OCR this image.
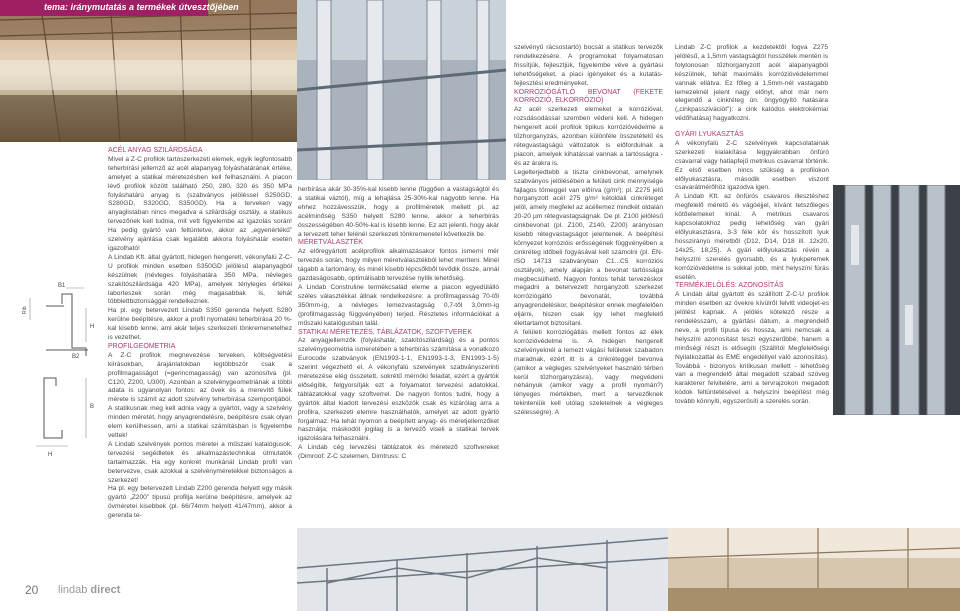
tema: iránymutatás a termékek útvesztőjében
B1
Rib
H
B2
B
H

ACÉL ANYAG SZILÁRDSÁGA

Mivel a Z-C profilok tartószerkezeti elemek, egyik legfontosabb teherbírási jellemző az acél alapanyag folyáshatárának értéke, amelyet a statikai méretezésben kell felhasználni. A piacon lévő profilok között található 250, 280, 320 és 350 MPa folyáshatárú anyag is (szabványos jelöléssel S250GD, S280GD, S320GD, S350GD). Ha a terveken vagy anyaglistában nincs megadva a szilárdsági osztály, a statikus tervezőnek kell tudnia, mit vett figyelembe az igazolás során! Ha pedig gyártó van feltüntetve, akkor az „egyenértékű” szelvény ajánlása csak legalább akkora folyáshatár esetén igazolható!

A Lindab Kft. által gyártott, hidegen hengerelt, vékonyfalú Z-C-U profilok minden esetben S350GD jelölésű alapanyagból készülnek (névleges folyáshatára 350 MPa, névleges szakítószilárdsága 420 MPa), amelyek tényleges értékei laborteszek során még magasabbak is, tehát többlettbiztonsággal rendelkeznek.

Ha pl. egy betervezett Lindab S350 gerenda helyett S280 kerülne beépítésre, akkor a profil nyomatéki teherbírása 20 %-kal kisebb lenne, ami akár teljes szerkezeti tönkremenetelhez is vezethet.

PROFILGEOMETRIA

A Z-C profilok megnevezése terveken, költségvetési kiírásokban, árajánlatokban legtöbbször csak a profilmagasságot (=gerincmagasság) van azonosítva (pl. C120, Z200, U300). Azonban a szelvénygeometriának a többi adata is ugyanolyan fontos: az övek és a merevítő fülek mérete is számít az adott szelvény teherbírása szempontjából. A statikusnak meg kell adnia vagy a gyártót, vagy a szelvény minden méretét, hogy anyagrendelésre, beépítésre csak olyan elem kerülhessen, ami a statikai számításban is figyelembe vettek!

A Lindab szelvények pontos méretei a műszaki katalógusok, tervezési segédletek és alkalmazástechnikai útmutatók tartalmazzák. Ha egy konkrét munkánál Lindab profil van betervezve, csak azokkal a szelvényméretekkel biztonságos a szerkezet!

Ha pl. egy betervezett Lindab Z200 gerenda helyett egy másik gyártó „Z200” típusú profilja kerülne beépítésre, amelyek az övméretei kisebbek (pl. 66/74mm helyett 41/47mm), akkor a gerenda te-

herbírása akár 30-35%-kal kisebb lenne (függően a vastagságtól és a statikai váztól), míg a lehajlása 25-30%-kal nagyobb lenne. Ha ehhez hozzávesszük, hogy a profilméretek mellett pl. az acélminőség S350 helyett S280 lenne, akkor a teherbírás összességében 40-50%-kal is kisebb lenne. Ez azt jelenti, hogy akár a tervezett teher felénél szerkezeti tönkremenetel következik be.

MÉRETVÁLASZTÉK

Az előregyártott acélprofilok alkalmazásakor fontos ismerni mér tervezés során, hogy milyen méretválasztékból lehet meríteni. Minél tágabb a tartomány, és minél kisebb lépcsőkből tevődik össze, annál gazdaságosabb, optimálisabb tervezése nyílik lehetőség.

A Lindab Construline termékcsalád eleme a piacon egyedülálló széles választékkal állnak rendelkezésre: a profilmagasság 70-től 350mm-ig, a névleges lemezvastagság 0,7-től 3,0mm-ig (profilmagasság függvényében) terjed. Részletes információkat a műszaki katalógusban talál.

STATIKAI MÉRETEZÉS, TÁBLÁZATOK, SZOFTVEREK

Az anyagjellemzők (folyáshatár, szakítószilárdság) és a pontos szelvénygeometria ismeretében a teherbírás számítása a vonatkozó Eurocode szabványok (EN1993-1-1, EN1993-1-3, EN1993-1-5) szerint végezhető el. A vékonyfalú szelvények szabványszerinti méretezése elég összetett, sokrétű mérnöki feladat, ezért a gyártók előségítik, felgyorsítják ezt a folyamatot tervezési adatokkal, táblázatokkal vagy szoftverrel. De nagyon fontos tudni, hogy a gyártók által kiadott tervezési eszközök csak és kizárólag arra a profilra, szerkezeti elemre használhatók, amelyet az adott gyártó forgalmaz. Ha tehát nyomon a beépített anyag- és méretjellemzőket használja; máskodót jogilag is a tervező viseli a statikai tervek igazolására felhasználni.

A Lindab cég tervezési táblázatok és méretező szoftvereket (Dimroof: Z-C szelemen, Dimtruss: C

szelvényű rácsostartó) bocsát a statikus tervezők rendelkezésére. A programokat folyamatosan frissítjük, fejlesztjük, figyelembe véve a gyártási lehetőségeket, a piaci igényeket és a kutatás-fejlesztési eredményeket.

KORRÓZIÓGÁTLÓ BEVONAT (FEKETE KORRÓZIÓ, ELKORRÓZIÓ)

Az acél szerkezeti elemeket a korrózióval, rozsdásodással szemben védeni kell. A hidegen hengerelt acél profilok tipikus korrózióvédelme a tűzhorganyzás, azonban különféle összetételű és rétegvastagságú változatok is előfordulnak a piacon, amelyek kihatással vannak a tartósságra - és az árakra is.

Legelterjedtebb a tiszta cinkbevonat, amelynek szabványos jelölésében a felületi cink mennyisége fajlagos tömeggel van előírva (g/m²); pl. Z275 jelű horganyzott acél 275 g/m² kétoldali cinkréteget jelöl, amely megfelel az acéllemez mindkét oldalán 20-20 µm rétegvastagságnak. De pl. Z100 jelölésű cinkbevonat (pl. Z100, Z140, Z200) arányosan kisebb rétegvastagságot jelentenek. A beépítési környezet korrózióis erősségének függvényében a cinkréteg időbeli fogyásával kell számolni (pl. EN-ISO 14713 szabványban C1...C5 korróziós osztályok), amely alapján a bevonat tartóssága megbecsülhető. Nagyon fontos tehát tervezéskor megadni a betervezett horganyzott szerkezet korróziógátló bevonatát, továbbá anyagrendeléskor, beépítéskor ennek megfelelően eljárni, hiszen csak így lehet megfelelő élettartamot biztosítani.

A felületi korróziógátlás mellett fontos az élek korrózióvédelme is. A hidegen hengerelt szelvényeknél a lemezt vágási felületek szabadon maradnak, ezért itt is a cinkréteggel bevonva (amikor a végleges szelvényeket használó térben kerül tűzhorganyzásra), vagy megvédeni néhányuk (amikor vagy a profil nyomán?) lényeges mértékben, mert a tervezőknek tekinteniük kell utólag szeletelnek a végleges szélességre). A

Lindab Z-C profilok a kezdetektől fogva Z275 jelölésű, a 1,5mm vastagságtól hosszélek mentén is folytonosan tűzhorganyzott acél alapanyagból készülnek, tehát maximális korrózióvédelemmel vannak ellátva. Ez főleg a 1,5mm-nél vastagabb lemezeknél jelent nagy előnyt, ahol már nem elegendő a cinkréteg ún. öngyógyító hatására („cinkpasszivációt”): a cink katódos elektrokémiai védőhatása) hagyatkozni.

GYÁRI LYUKASZTÁS

A vékonyfalú Z-C szelvények kapcsolatainak szerkezeti kialakítása leggyakrabban önfúró csavarral vagy hatlapfejű metrikus csavarral történik. Ez első esetben nincs szükség a profilokon előlyukasztásra, második esetben viszont csavarátmérőhöz igazodva igen.

A Lindab Kft. az önfúrós csavaros illesztéshez megfelelő méretű és vágóéjjel, kívánt tetszőleges kötőelemeket kínál. A metrikus csavaros kapcsolatokhoz pedig lehetőség van gyári előlyukasztásra, 3-3 féle kör és hosszított lyuk hosszirányú méretből (D12, D14, D18 ill. 12x20, 14x25, 18,25). A gyári előlyukasztás révén a helyszíni szerelés gyorsabb, és a lyukperemek korrózióvédelme is sokkal jobb, mint helyszíni fúrás esetén.

TERMÉKJELÖLÉS: AZONOSÍTÁS

A Lindab által gyártott és szállított Z-C-U profilok minden esetben az övekre kívülről felvitt videojet-es jelölést kapnak. A jelölés kötelező része a rendelésszám, a gyártási dátum, a megrendelő neve, a profil típusa és hossza, ami nemcsak a helyszíni azonosítást teszi egyszerűbbé, hanem a minőségi részt is elősegíti (Szállítói Megfelelőségi Nyilatkozattal és EME engedéllyel való azonosítás). Továbbá - bizonyos kritikusan mellett - lehetőség van a megrendelő által megadott szabad szöveg karakterer felvitelére, ami a tervrajzokon megadott kódok feltüntetésével a helyszíni beépítést még tovább könnyíti, egyszerűsíti a szerelés során.

20 lindab direct
